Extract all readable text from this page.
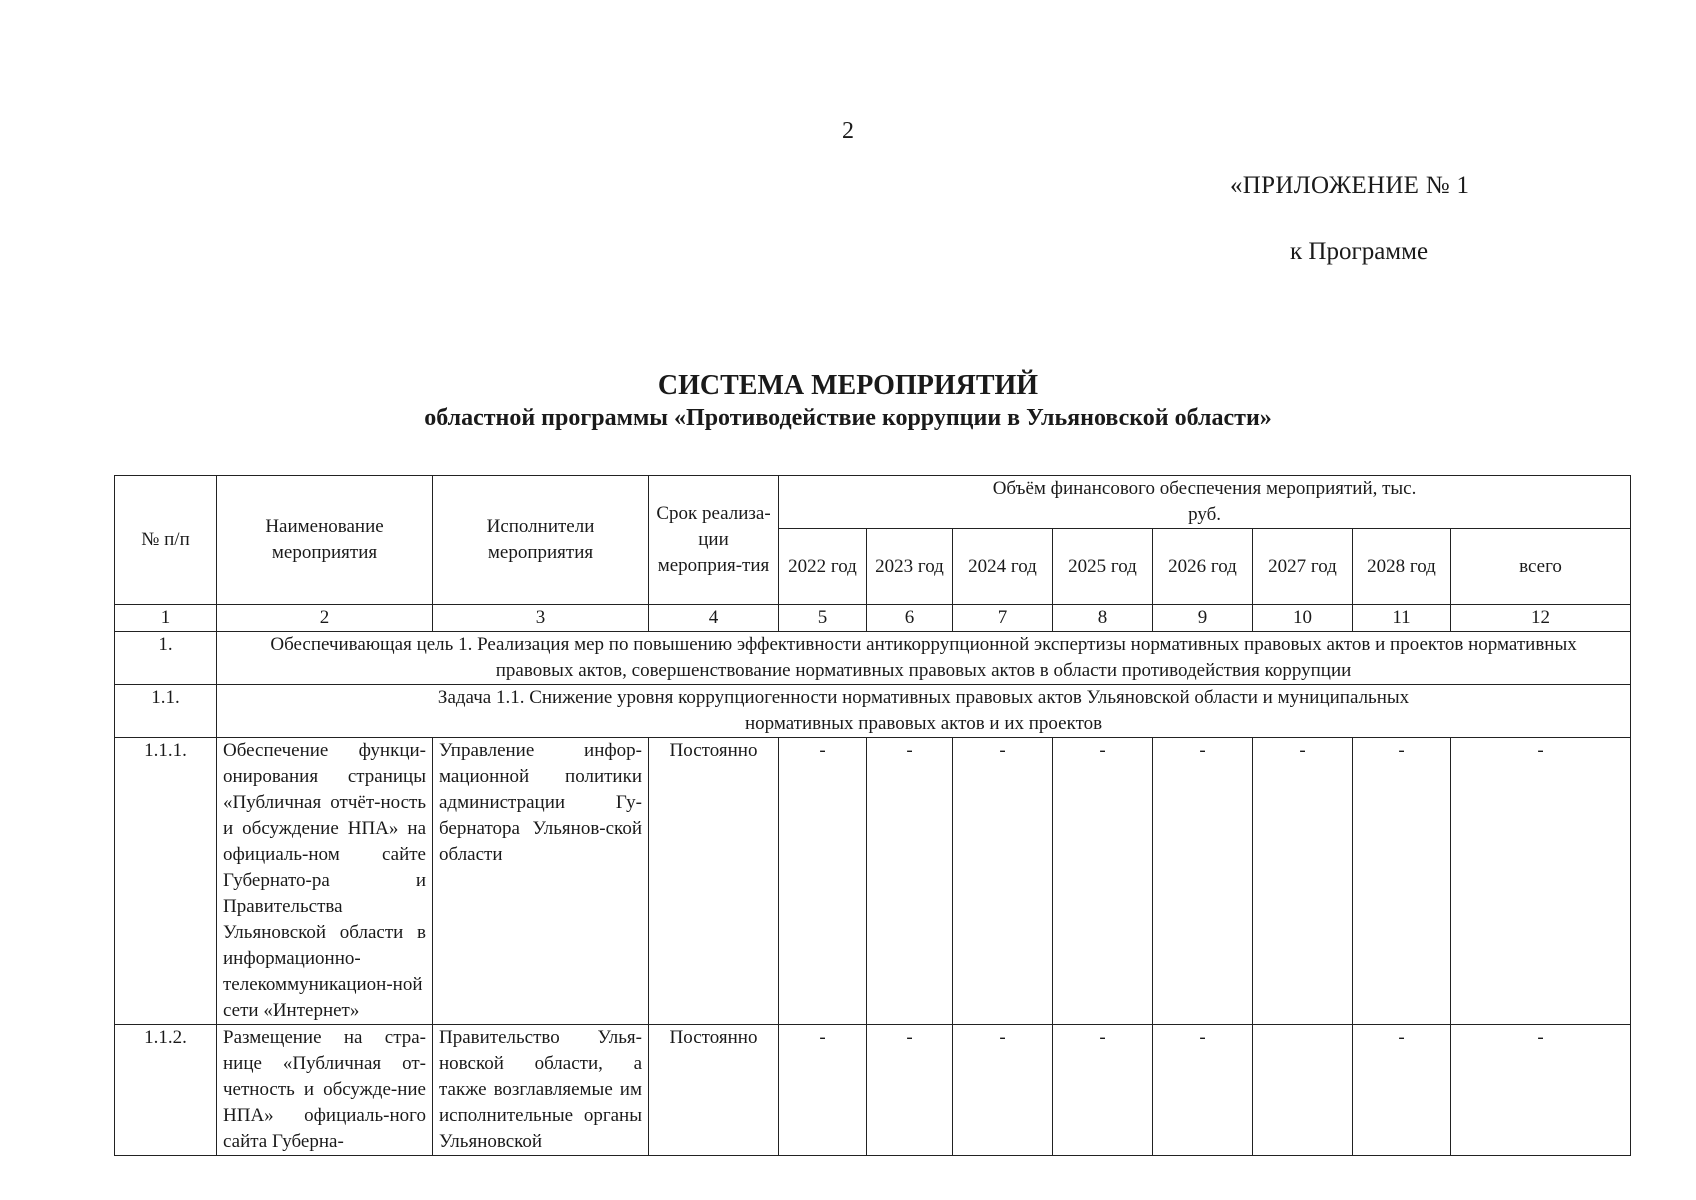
2
«ПРИЛОЖЕНИЕ № 1
к Программе
СИСТЕМА МЕРОПРИЯТИЙ
областной программы «Противодействие коррупции в Ульяновской области»
№ п/п	Наименование мероприятия	Исполнители мероприятия	Срок реализа-ции мероприя-тия	Объём финансового обеспечения мероприятий, тыс. руб.							
				2022 год	2023 год	2024 год	2025 год	2026 год	2027 год	2028 год	всего
1	2	3	4	5	6	7	8	9	10	11	12
1.	Обеспечивающая цель 1. Реализация мер по повышению эффективности антикоррупционной экспертизы нормативных правовых актов и проектов нормативных правовых актов, совершенствование нормативных правовых актов в области противодействия коррупции										
1.1.	Задача 1.1. Снижение уровня коррупциогенности нормативных правовых актов Ульяновской области и муниципальных нормативных правовых актов и их проектов										
1.1.1.	Обеспечение функци-онирования страницы «Публичная отчёт-ность и обсуждение НПА» на официаль-ном сайте Губернато-ра и Правительства Ульяновской области в информационно-телекоммуникацион-ной сети «Интернет»	Управление инфор-мационной политики администрации Гу-бернатора Ульянов-ской области	Постоянно	-	-	-	-	-	-	-	-
1.1.2.	Размещение на стра-нице «Публичная от-четность и обсужде-ние НПА» официаль-ного сайта Губерна-	Правительство Улья-новской области, а также возглавляемые им исполнительные органы Ульяновской	Постоянно	-	-	-	-	-		-	-
